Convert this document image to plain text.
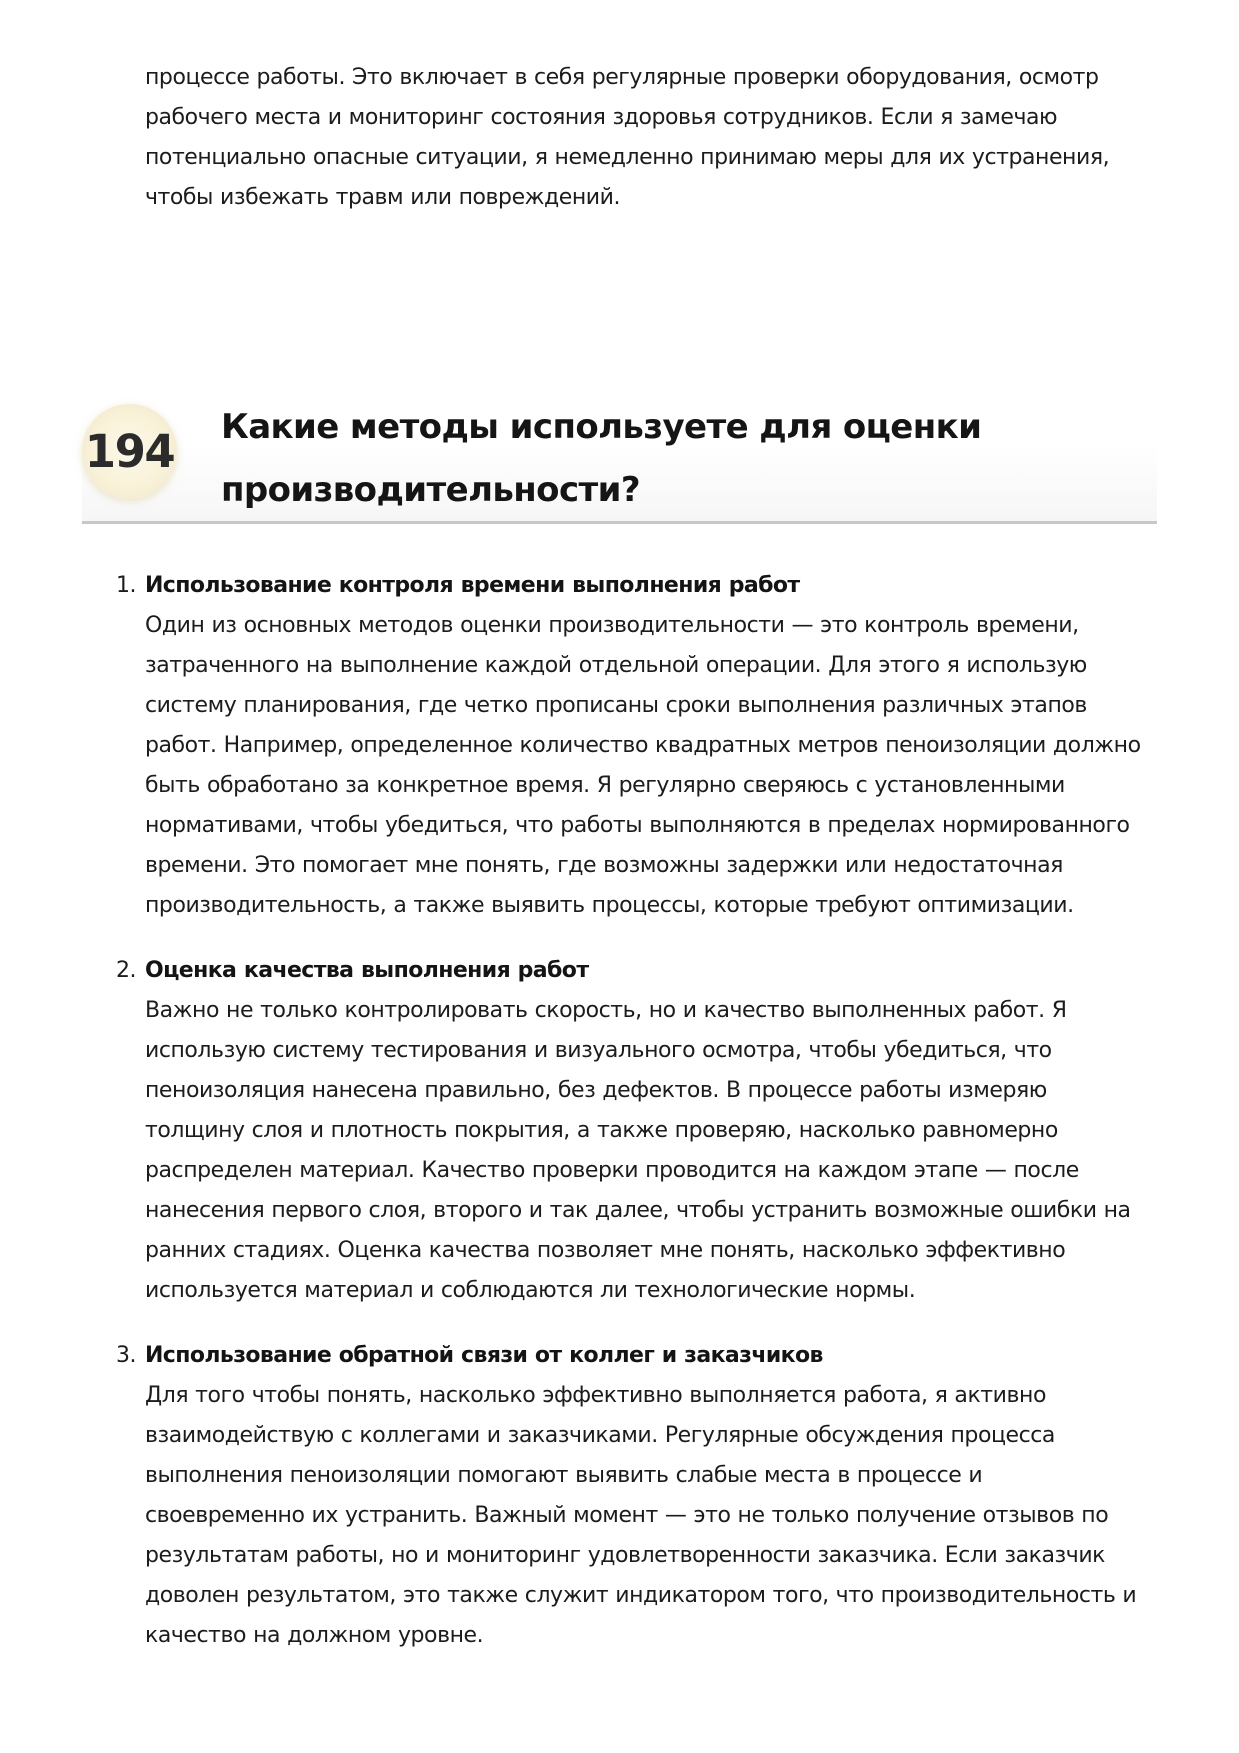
процессе работы. Это включает в себя регулярные проверки оборудования, осмотр рабочего места и мониторинг состояния здоровья сотрудников. Если я замечаю потенциально опасные ситуации, я немедленно принимаю меры для их устранения, чтобы избежать травм или повреждений.

194 Какие методы используете для оценки производительности?
1. Использование контроля времени выполнения работ
Один из основных методов оценки производительности — это контроль времени, затраченного на выполнение каждой отдельной операции. Для этого я использую систему планирования, где четко прописаны сроки выполнения различных этапов работ. Например, определенное количество квадратных метров пеноизоляции должно быть обработано за конкретное время. Я регулярно сверяюсь с установленными нормативами, чтобы убедиться, что работы выполняются в пределах нормированного времени. Это помогает мне понять, где возможны задержки или недостаточная производительность, а также выявить процессы, которые требуют оптимизации.
2. Оценка качества выполнения работ
Важно не только контролировать скорость, но и качество выполненных работ. Я использую систему тестирования и визуального осмотра, чтобы убедиться, что пеноизоляция нанесена правильно, без дефектов. В процессе работы измеряю толщину слоя и плотность покрытия, а также проверяю, насколько равномерно распределен материал. Качество проверки проводится на каждом этапе — после нанесения первого слоя, второго и так далее, чтобы устранить возможные ошибки на ранних стадиях. Оценка качества позволяет мне понять, насколько эффективно используется материал и соблюдаются ли технологические нормы.
3. Использование обратной связи от коллег и заказчиков
Для того чтобы понять, насколько эффективно выполняется работа, я активно взаимодействую с коллегами и заказчиками. Регулярные обсуждения процесса выполнения пеноизоляции помогают выявить слабые места в процессе и своевременно их устранить. Важный момент — это не только получение отзывов по результатам работы, но и мониторинг удовлетворенности заказчика. Если заказчик доволен результатом, это также служит индикатором того, что производительность и качество на должном уровне.
